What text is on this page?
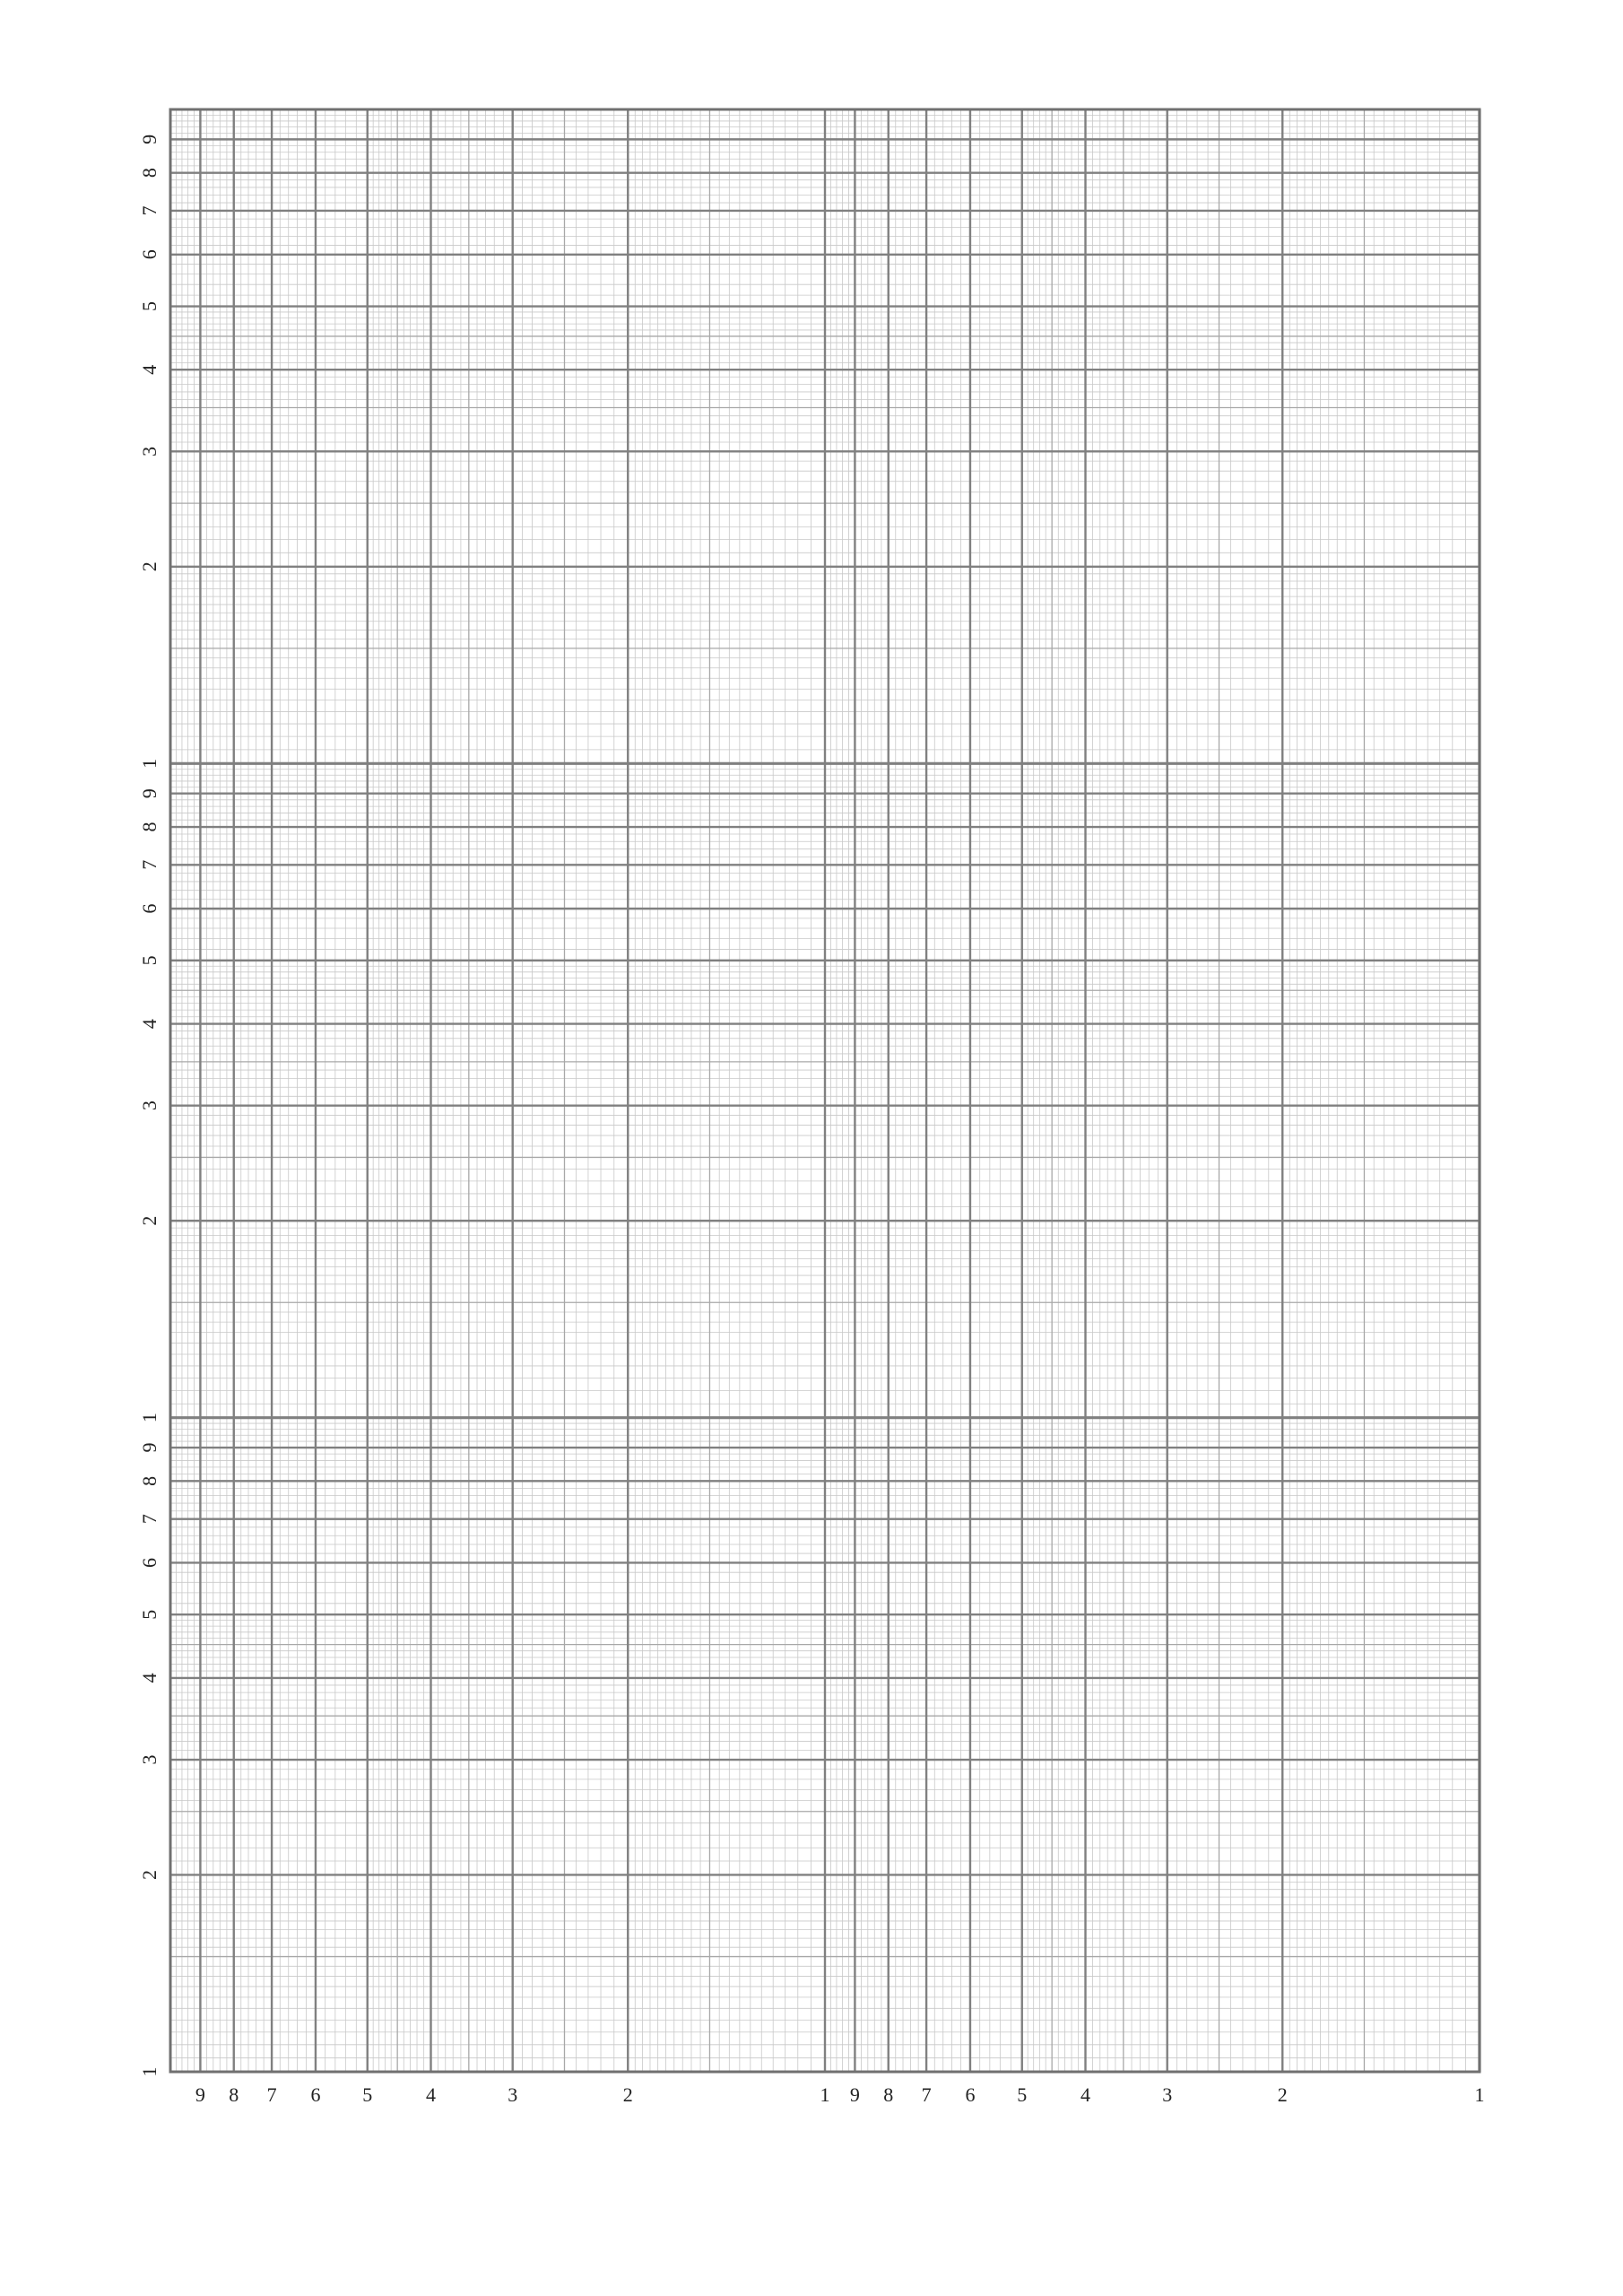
1
9 8 7 6 5	4	3	2	1
9 8 7 6 5	4	3	2
1
2
3
4
5
6
7
8
9
1
2
3
4
5
6
7
8
9
1
2
3
4
5
6
7
8
9
